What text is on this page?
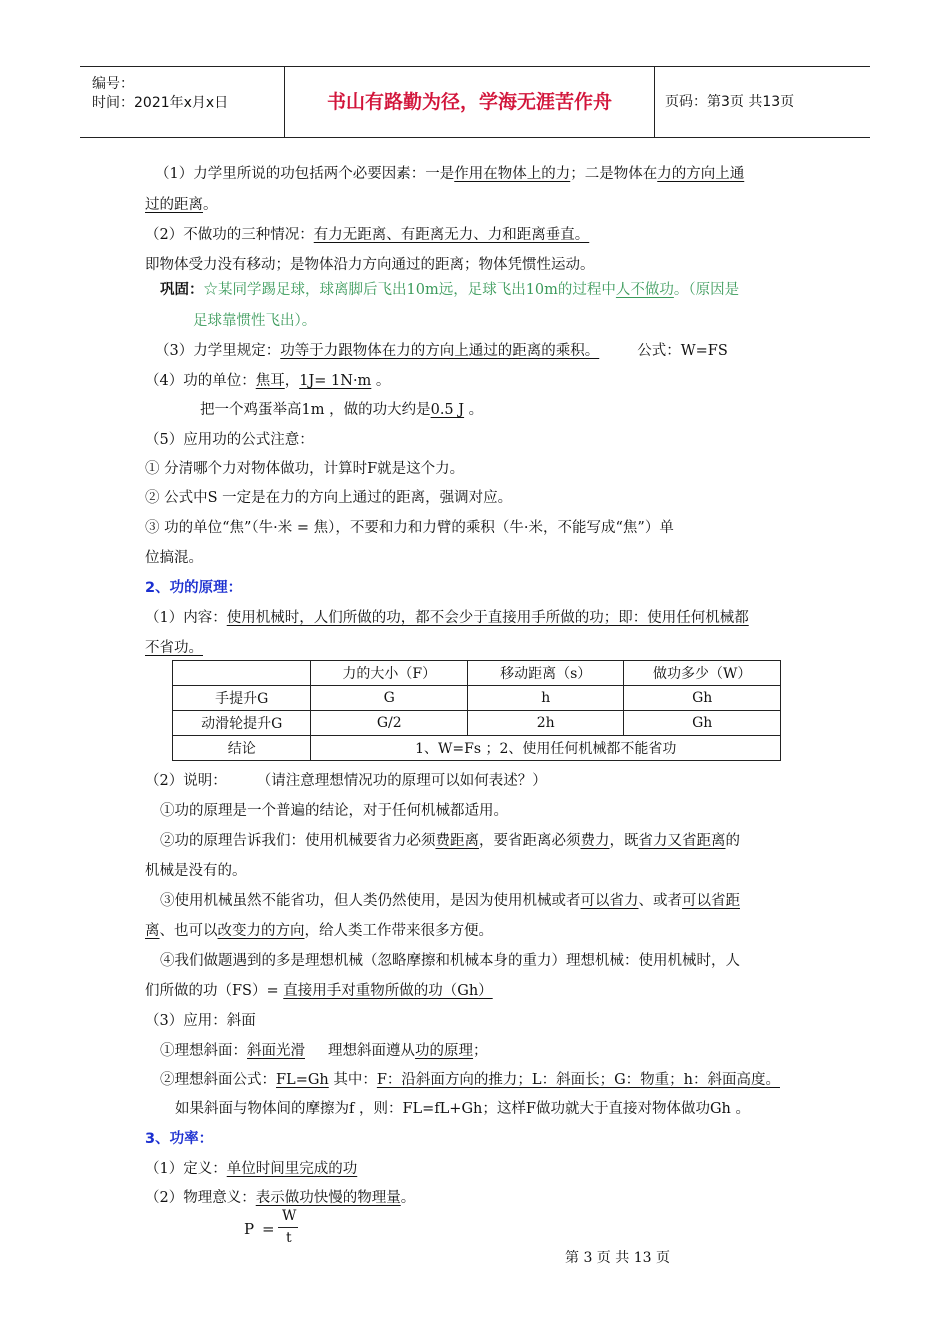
编号：
时间：2021年x月x日	书山有路勤为径，学海无涯苦作舟	页码：第3页 共13页
（1）力学里所说的功包括两个必要因素：一是作用在物体上的力；二是物体在力的方向上通
过的距离。
（2）不做功的三种情况：有力无距离、有距离无力、力和距离垂直。
即物体受力没有移动；是物体沿力方向通过的距离；物体凭惯性运动。
巩固：☆某同学踢足球，球离脚后飞出10m远，足球飞出10m的过程中人不做功。（原因是
足球靠惯性飞出）。
（3）力学里规定：功等于力跟物体在力的方向上通过的距离的乘积。	公式：W=FS
（4）功的单位：焦耳，1J= 1N·m 。
把一个鸡蛋举高1m ，做的功大约是0.5 J 。
（5）应用功的公式注意：
① 分清哪个力对物体做功，计算时F就是这个力。
② 公式中S 一定是在力的方向上通过的距离，强调对应。
③ 功的单位“焦”（牛·米 = 焦），不要和力和力臂的乘积（牛·米，不能写成“焦”）单
位搞混。
2、功的原理：
（1）内容：使用机械时，人们所做的功，都不会少于直接用手所做的功；即：使用任何机械都
不省功。
	力的大小（F）	移动距离（s）	做功多少（W）
手提升G	G	h	Gh
动滑轮提升G	G/2	2h	Gh
结论	1、W=Fs ；2、使用任何机械都不能省功		
（2）说明： （请注意理想情况功的原理可以如何表述？）
①功的原理是一个普遍的结论，对于任何机械都适用。
②功的原理告诉我们：使用机械要省力必须费距离，要省距离必须费力，既省力又省距离的
机械是没有的。
③使用机械虽然不能省功，但人类仍然使用，是因为使用机械或者可以省力、或者可以省距
离、也可以改变力的方向，给人类工作带来很多方便。
④我们做题遇到的多是理想机械（忽略摩擦和机械本身的重力）理想机械：使用机械时，人
们所做的功（FS）= 直接用手对重物所做的功（Gh）
（3）应用：斜面
①理想斜面：斜面光滑     理想斜面遵从功的原理；
②理想斜面公式：FL=Gh 其中：F：沿斜面方向的推力；L：斜面长；G：物重；h：斜面高度。
如果斜面与物体间的摩擦为f ，则：FL=fL+Gh；这样F做功就大于直接对物体做功Gh 。
3、功率：
（1）定义：单位时间里完成的功
（2）物理意义：表示做功快慢的物理量。
P =
W
t
第 3 页 共 13 页
